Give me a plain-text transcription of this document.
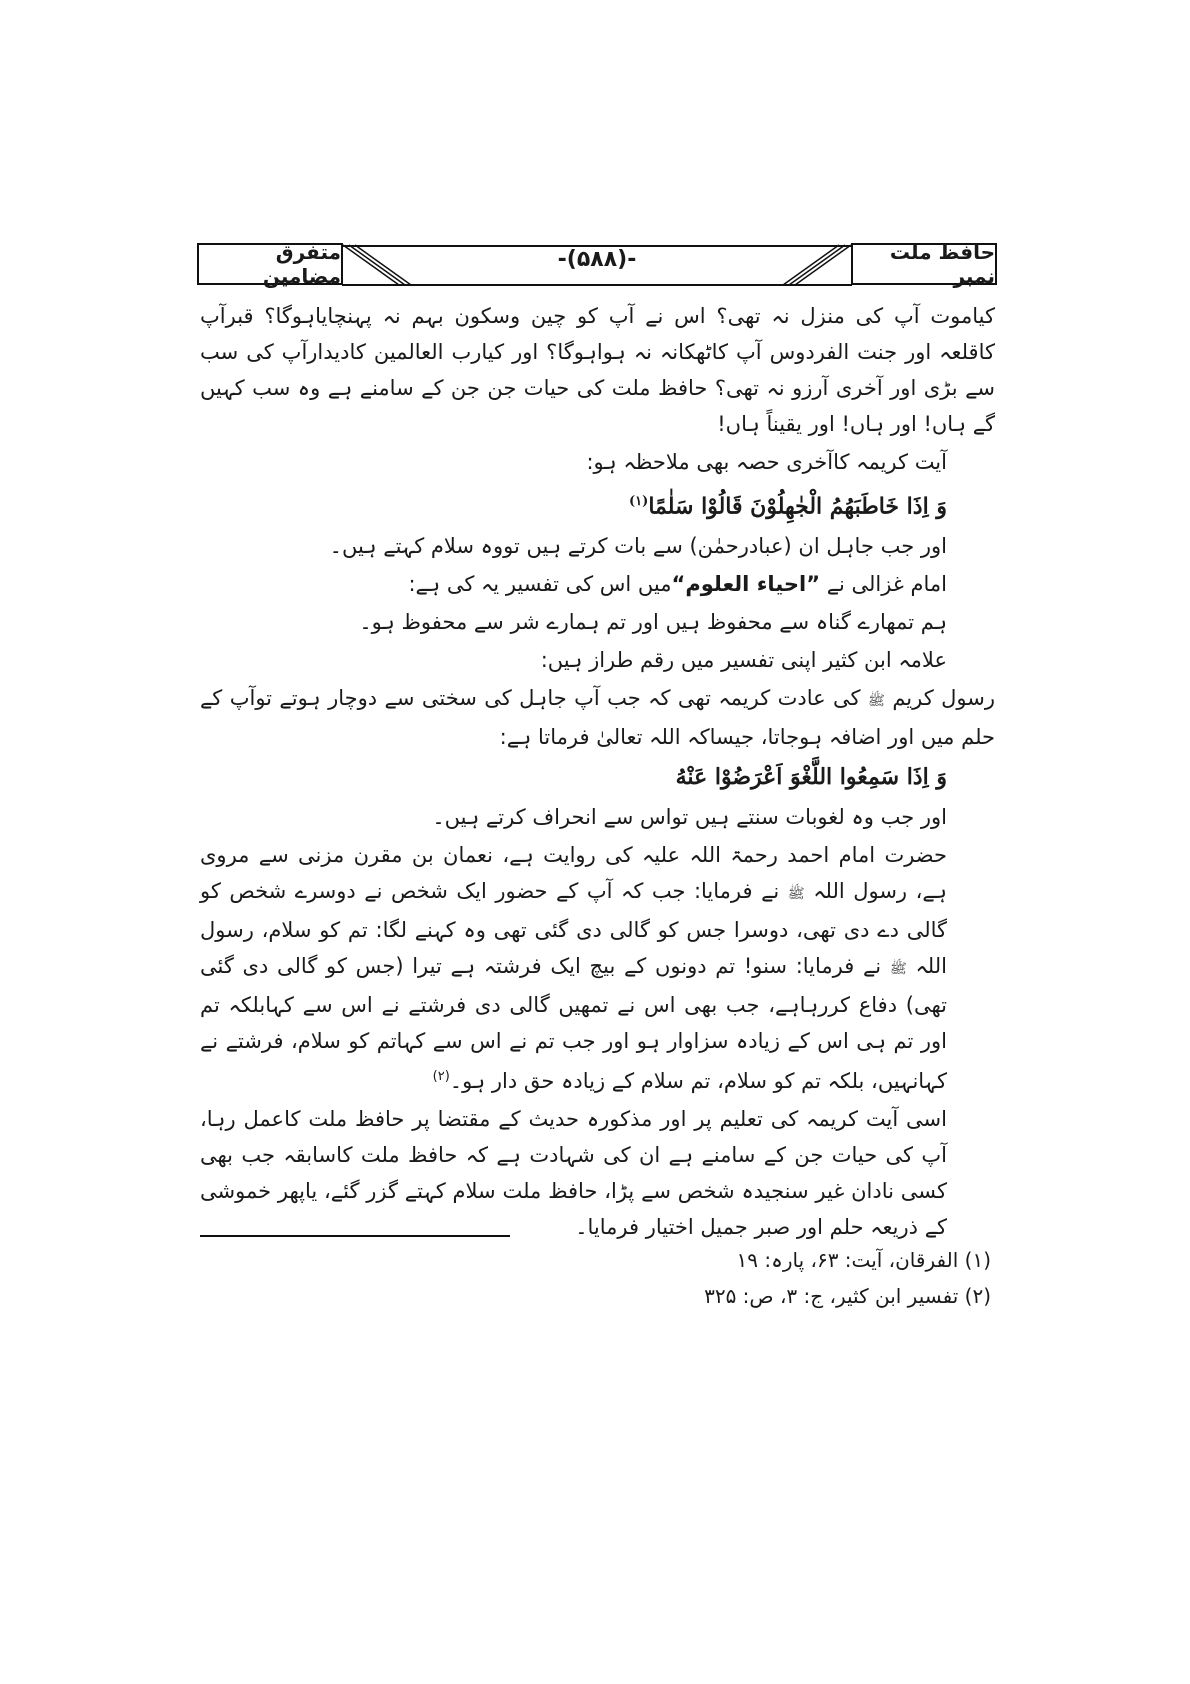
حافظ ملت نمبر
-(۵۸۸)-
متفرق مضامین

کیاموت آپ کی منزل نہ تھی؟ اس نے آپ کو چین وسکون بہم نہ پہنچایاہوگا؟ قبرآپ کاقلعہ اور جنت الفردوس آپ کاٹھکانہ نہ ہواہوگا؟ اور کیارب العالمین کادیدارآپ کی سب سے بڑی اور آخری آرزو نہ تھی؟ حافظ ملت کی حیات جن جن کے سامنے ہے وہ سب کہیں گے ہاں! اور ہاں! اور یقیناً ہاں!

آیت کریمہ کاآخری حصہ بھی ملاحظہ ہو:

وَ اِذَا خَاطَبَهُمُ الْجٰهِلُوْنَ قَالُوْا سَلٰمًا$^{(۱)}$

اور جب جاہل ان (عبادرحمٰن) سے بات کرتے ہیں تووہ سلام کہتے ہیں۔

امام غزالی نے ”احیاء العلوم“میں اس کی تفسیر یہ کی ہے:

ہم تمھارے گناہ سے محفوظ ہیں اور تم ہمارے شر سے محفوظ ہو۔

علامہ ابن کثیر اپنی تفسیر میں رقم طراز ہیں:

رسول کریم ﷺ کی عادت کریمہ تھی کہ جب آپ جاہل کی سختی سے دوچار ہوتے توآپ کے حلم میں اور اضافہ ہوجاتا، جیساکہ اللہ تعالیٰ فرماتا ہے:

وَ اِذَا سَمِعُوا اللَّغْوَ اَعْرَضُوْا عَنْهُ

اور جب وہ لغوبات سنتے ہیں تواس سے انحراف کرتے ہیں۔

حضرت امام احمد رحمۃ اللہ علیہ کی روایت ہے، نعمان بن مقرن مزنی سے مروی ہے، رسول اللہ ﷺ نے فرمایا: جب کہ آپ کے حضور ایک شخص نے دوسرے شخص کو گالی دے دی تھی، دوسرا جس کو گالی دی گئی تھی وہ کہنے لگا: تم کو سلام، رسول اللہ ﷺ نے فرمایا: سنو! تم دونوں کے بیچ ایک فرشتہ ہے تیرا (جس کو گالی دی گئی تھی) دفاع کررہاہے، جب بھی اس نے تمھیں گالی دی فرشتے نے اس سے کہابلکہ تم اور تم ہی اس کے زیادہ سزاوار ہو اور جب تم نے اس سے کہاتم کو سلام، فرشتے نے کہانہیں، بلکہ تم کو سلام، تم سلام کے زیادہ حق دار ہو۔$^{(۲)}$

اسی آیت کریمہ کی تعلیم پر اور مذکورہ حدیث کے مقتضا پر حافظ ملت کاعمل رہا، آپ کی حیات جن کے سامنے ہے ان کی شہادت ہے کہ حافظ ملت کاسابقہ جب بھی کسی نادان غیر سنجیدہ شخص سے پڑا، حافظ ملت سلام کہتے گزر گئے، یاپھر خموشی کے ذریعہ حلم اور صبر جمیل اختیار فرمایا۔

(۱) الفرقان، آیت: ۶۳، پارہ: ۱۹

(۲) تفسیر ابن کثیر، ج: ۳، ص: ۳۲۵
